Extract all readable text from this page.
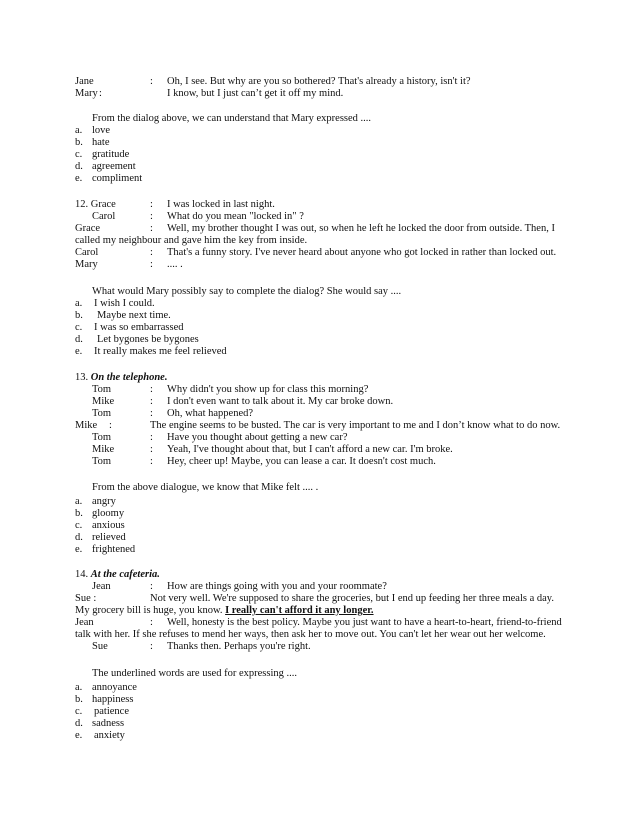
Jane	: Oh, I see. But why are you so bothered? That's already a history, isn't it?
Mary :	I know, but I just can’t get it off my mind.
From the dialog above, we can understand that Mary expressed ....
a. love
b. hate
c. gratitude
d. agreement
e. compliment
12. Grace	: I was locked in last night.
Carol	: What do you mean "locked in" ?
Grace	: Well, my brother thought I was out, so when he left he locked the door from outside. Then, I
called my neighbour and gave him the key from inside.
Carol	: That's a funny story. I've never heard about anyone who got locked in rather than locked out.
Mary	: .... .
What would Mary possibly say to complete the dialog? She would say ....
a. I wish I could.
b. Maybe next time.
c. I was so embarrassed
d. Let bygones be bygones
e. It really makes me feel relieved
13. On the telephone.
Tom	: Why didn't you show up for class this morning?
Mike	: I don't even want to talk about it. My car broke down.
Tom	: Oh, what happened?
Mike :	The engine seems to be busted. The car is very important to me and I don’t know what to do now.
Tom	: Have you thought about getting a new car?
Mike	: Yeah, I've thought about that, but I can't afford a new car. I'm broke.
Tom	: Hey, cheer up! Maybe, you can lease a car. It doesn't cost much.
From the above dialogue, we know that Mike felt .... .
a. angry
b. gloomy
c. anxious
d. relieved
e. frightened
14. At the cafeteria.
Jean	: How are things going with you and your roommate?
Sue :	Not very well. We're supposed to share the groceries, but I end up feeding her three meals a day.
My grocery bill is huge, you know. I really can't afford it any longer.
Jean	: Well, honesty is the best policy. Maybe you just want to have a heart-to-heart, friend-to-friend
talk with her. If she refuses to mend her ways, then ask her to move out. You can't let her wear out her welcome.
Sue	: Thanks then. Perhaps you're right.
The underlined words are used for expressing ....
a. annoyance
b. happiness
c. patience
d. sadness
e. anxiety
